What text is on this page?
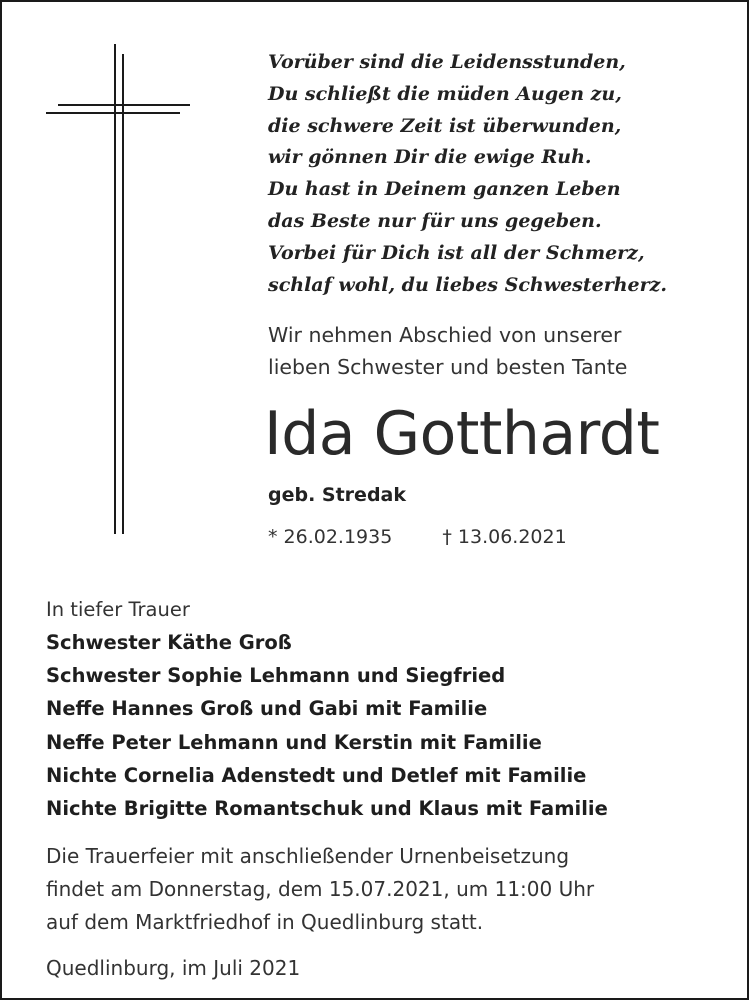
Vorüber sind die Leidensstunden,
Du schließt die müden Augen zu,
die schwere Zeit ist überwunden,
wir gönnen Dir die ewige Ruh.
Du hast in Deinem ganzen Leben
das Beste nur für uns gegeben.
Vorbei für Dich ist all der Schmerz,
schlaf wohl, du liebes Schwesterherz.
Wir nehmen Abschied von unserer
lieben Schwester und besten Tante
Ida Gotthardt
geb. Stredak
* 26.02.1935	† 13.06.2021
In tiefer Trauer
Schwester Käthe Groß
Schwester Sophie Lehmann und Siegfried
Neffe Hannes Groß und Gabi mit Familie
Neffe Peter Lehmann und Kerstin mit Familie
Nichte Cornelia Adenstedt und Detlef mit Familie
Nichte Brigitte Romantschuk und Klaus mit Familie
Die Trauerfeier mit anschließender Urnenbeisetzung
findet am Donnerstag, dem 15.07.2021, um 11:00 Uhr
auf dem Marktfriedhof in Quedlinburg statt.
Quedlinburg, im Juli 2021
